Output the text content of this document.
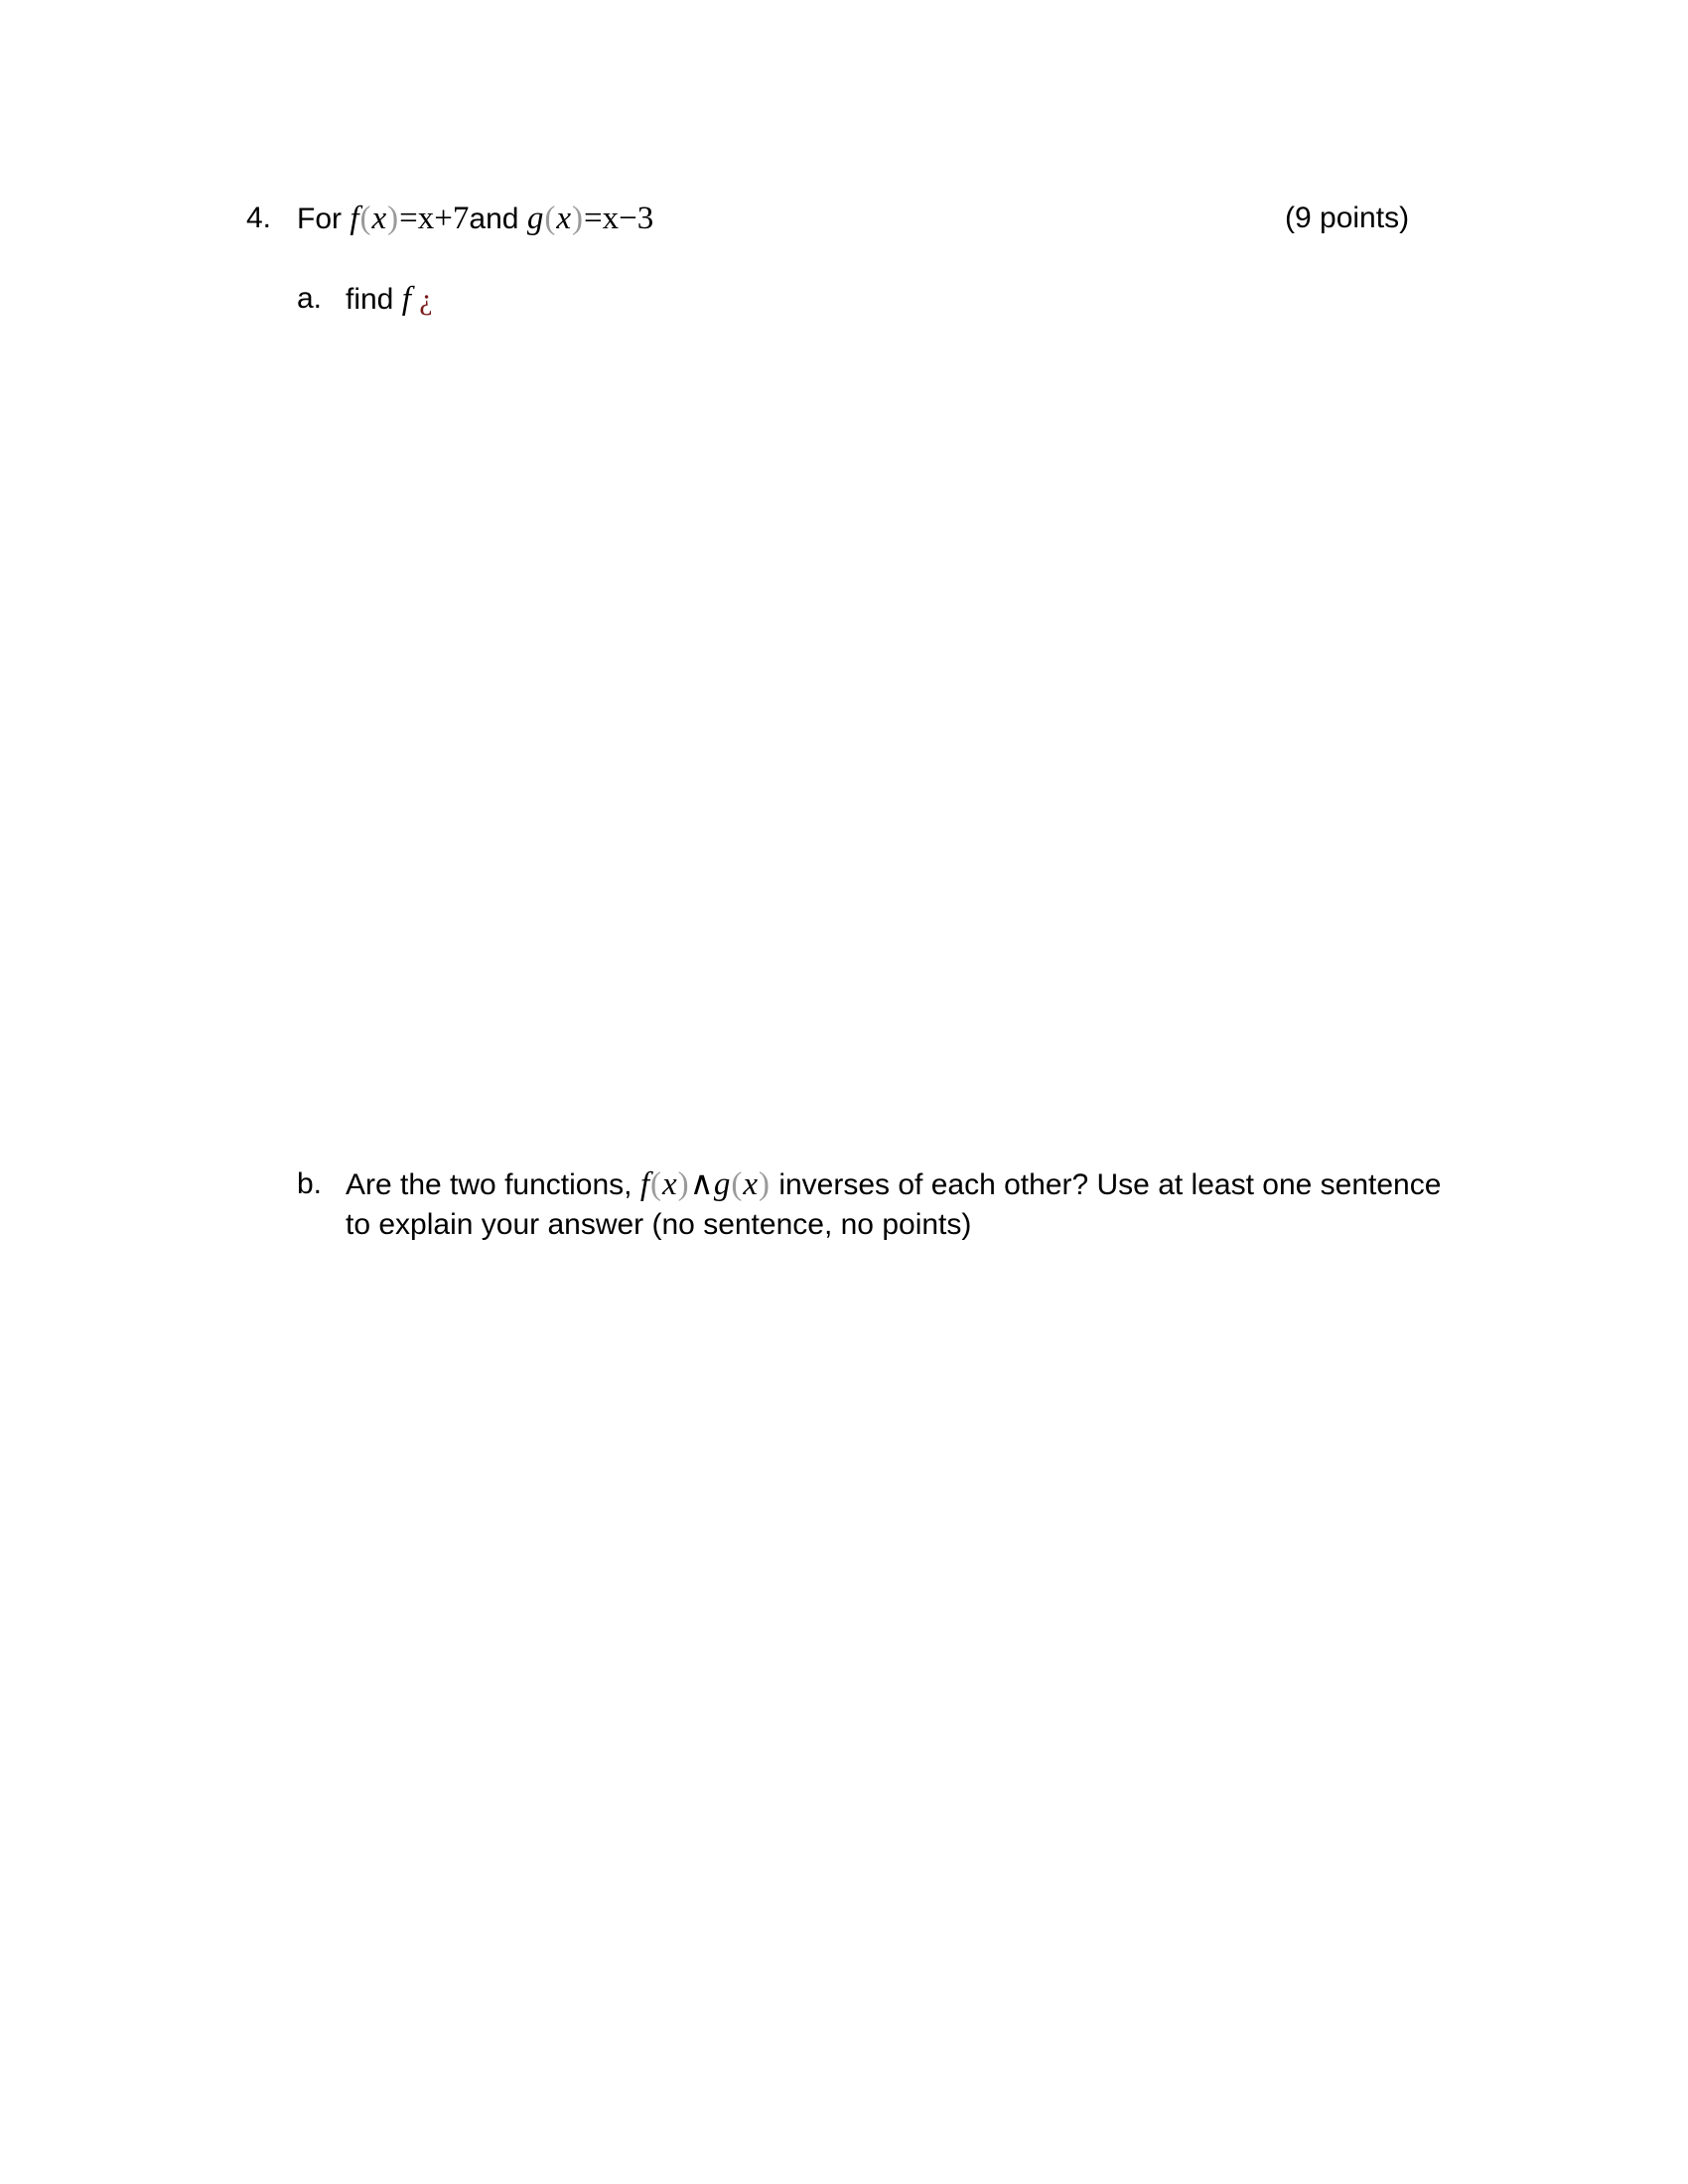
4. For f(x)=x+7and g(x)=x−3	(9 points)
a. find f ¿
b. Are the two functions, f(x)∧g(x) inverses of each other? Use at least one sentence
to explain your answer (no sentence, no points)
